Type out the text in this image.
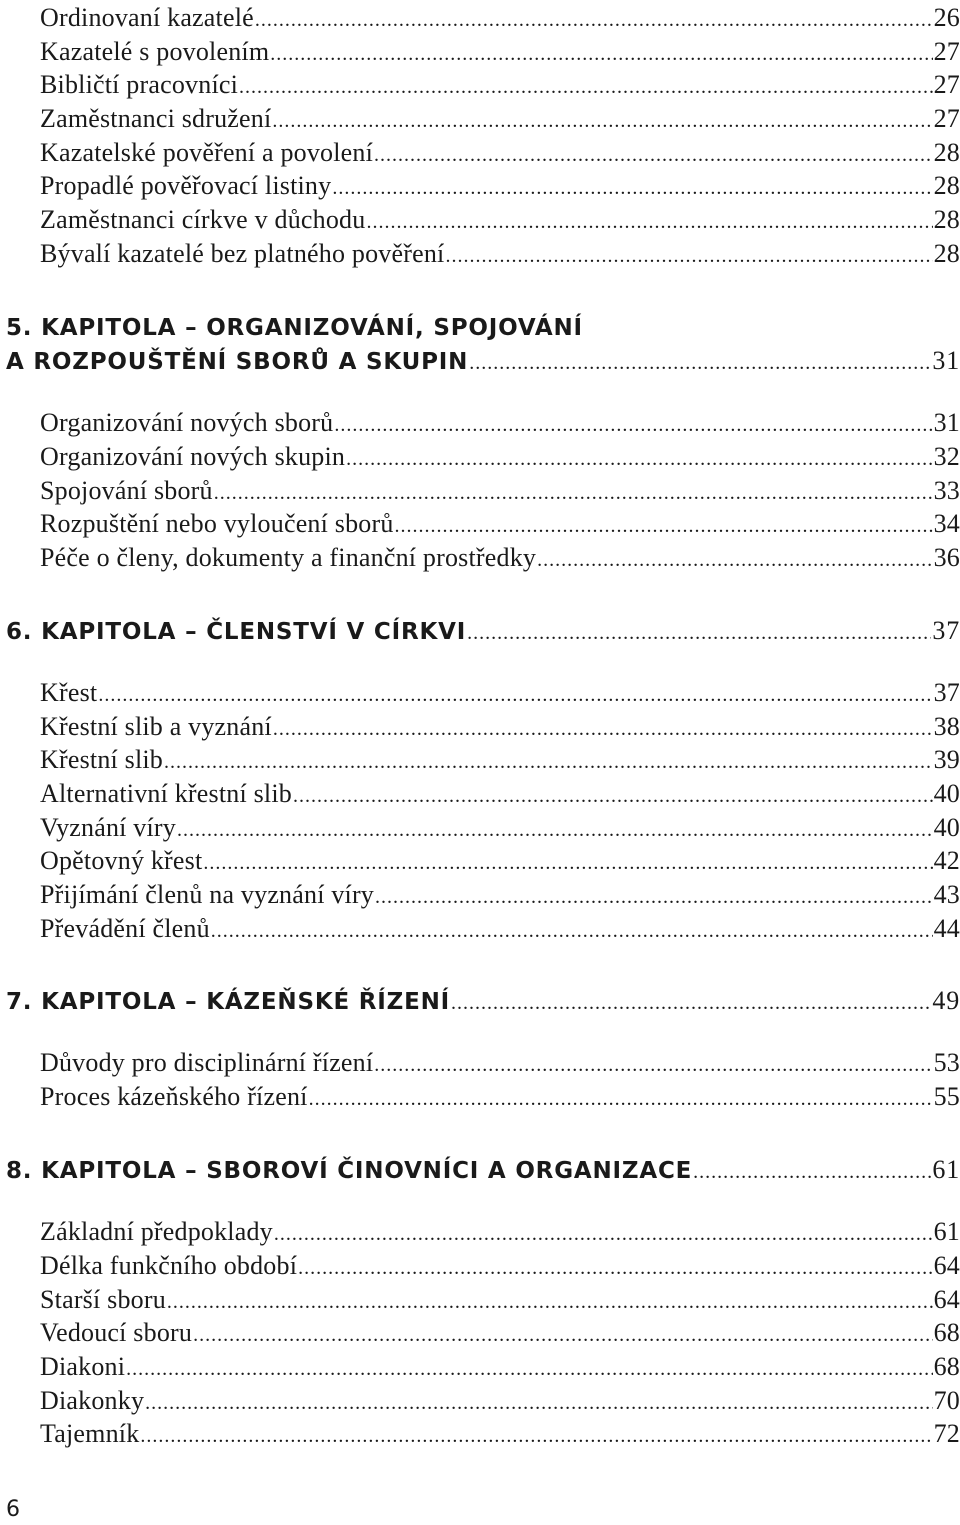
Ordinovaní kazatelé .....	26
Kazatelé s povolením .....	27
Bibličtí pracovníci .....	27
Zaměstnanci sdružení .....	27
Kazatelské pověření a povolení .....	28
Propadlé pověřovací listiny .....	28
Zaměstnanci církve v důchodu .....	28
Bývalí kazatelé bez platného pověření .....	28
5. KAPITOLA – ORGANIZOVÁNÍ, SPOJOVÁNÍ
A ROZPOUŠTĚNÍ SBORŮ A SKUPIN .....	31
Organizování nových sborů .....	31
Organizování nových skupin .....	32
Spojování sborů .....	33
Rozpuštění nebo vyloučení sborů .....	34
Péče o členy, dokumenty a finanční prostředky .....	36
6. KAPITOLA – ČLENSTVÍ V CÍRKVI .....	37
Křest .....	37
Křestní slib a vyznání .....	38
Křestní slib .....	39
Alternativní křestní slib .....	40
Vyznání víry .....	40
Opětovný křest .....	42
Přijímání členů na vyznání víry .....	43
Převádění členů .....	44
7. KAPITOLA – KÁZEŇSKÉ ŘÍZENÍ .....	49
Důvody pro disciplinární řízení .....	53
Proces kázeňského řízení .....	55
8. KAPITOLA – SBOROVÍ ČINOVNÍCI A ORGANIZACE .....	61
Základní předpoklady .....	61
Délka funkčního období .....	64
Starší sboru .....	64
Vedoucí sboru .....	68
Diakoni .....	68
Diakonky .....	70
Tajemník .....	72
6
